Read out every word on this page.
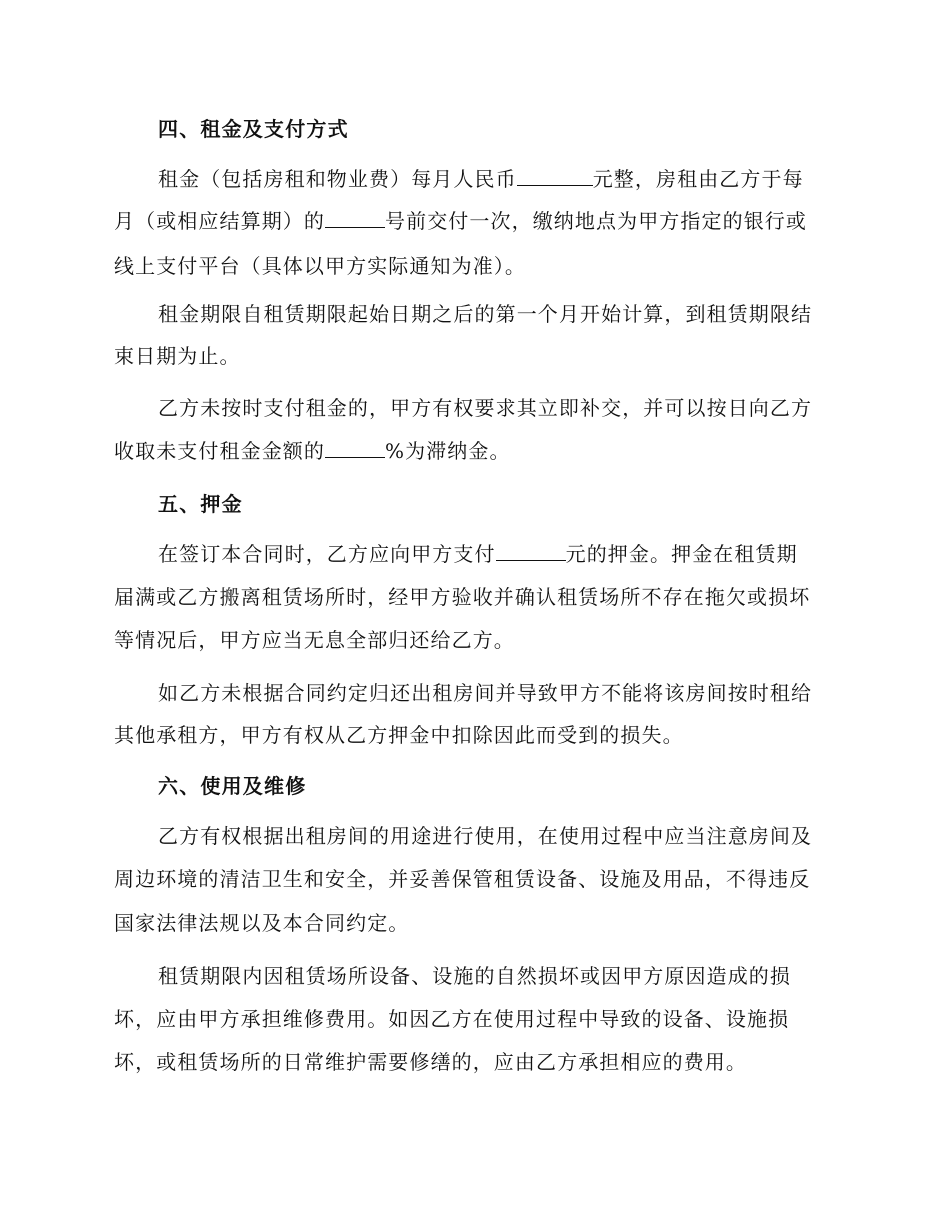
四、租金及支付方式
租金（包括房租和物业费）每月人民币	元整，房租由乙方于每
月（或相应结算期）的	号前交付一次，缴纳地点为甲方指定的银行或
线上支付平台（具体以甲方实际通知为准）。
租金期限自租赁期限起始日期之后的第一个月开始计算，到租赁期限结
束日期为止。
乙方未按时支付租金的，甲方有权要求其立即补交，并可以按日向乙方
收取未支付租金金额的	%为滞纳金。
五、押金
在签订本合同时，乙方应向甲方支付	元的押金。押金在租赁期
届满或乙方搬离租赁场所时，经甲方验收并确认租赁场所不存在拖欠或损坏
等情况后，甲方应当无息全部归还给乙方。
如乙方未根据合同约定归还出租房间并导致甲方不能将该房间按时租给
其他承租方，甲方有权从乙方押金中扣除因此而受到的损失。
六、使用及维修
乙方有权根据出租房间的用途进行使用，在使用过程中应当注意房间及
周边环境的清洁卫生和安全，并妥善保管租赁设备、设施及用品，不得违反
国家法律法规以及本合同约定。
租赁期限内因租赁场所设备、设施的自然损坏或因甲方原因造成的损
坏，应由甲方承担维修费用。如因乙方在使用过程中导致的设备、设施损
坏，或租赁场所的日常维护需要修缮的，应由乙方承担相应的费用。
